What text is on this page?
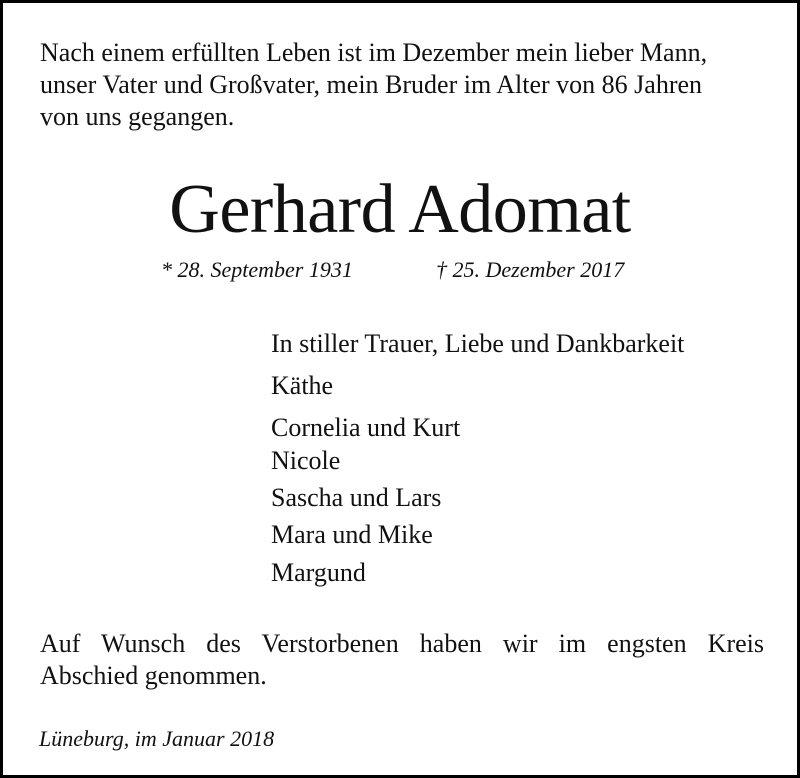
Nach einem erfüllten Leben ist im Dezember mein lieber Mann,
unser Vater und Großvater, mein Bruder im Alter von 86 Jahren
von uns gegangen.

Gerhard Adomat
* 28. September 1931	† 25. Dezember 2017
In stiller Trauer, Liebe und Dankbarkeit
Käthe
Cornelia und Kurt
Nicole
Sascha und Lars
Mara und Mike
Margund
Auf Wunsch des Verstorbenen haben wir im engsten Kreis
Abschied genommen.
Lüneburg, im Januar 2018
